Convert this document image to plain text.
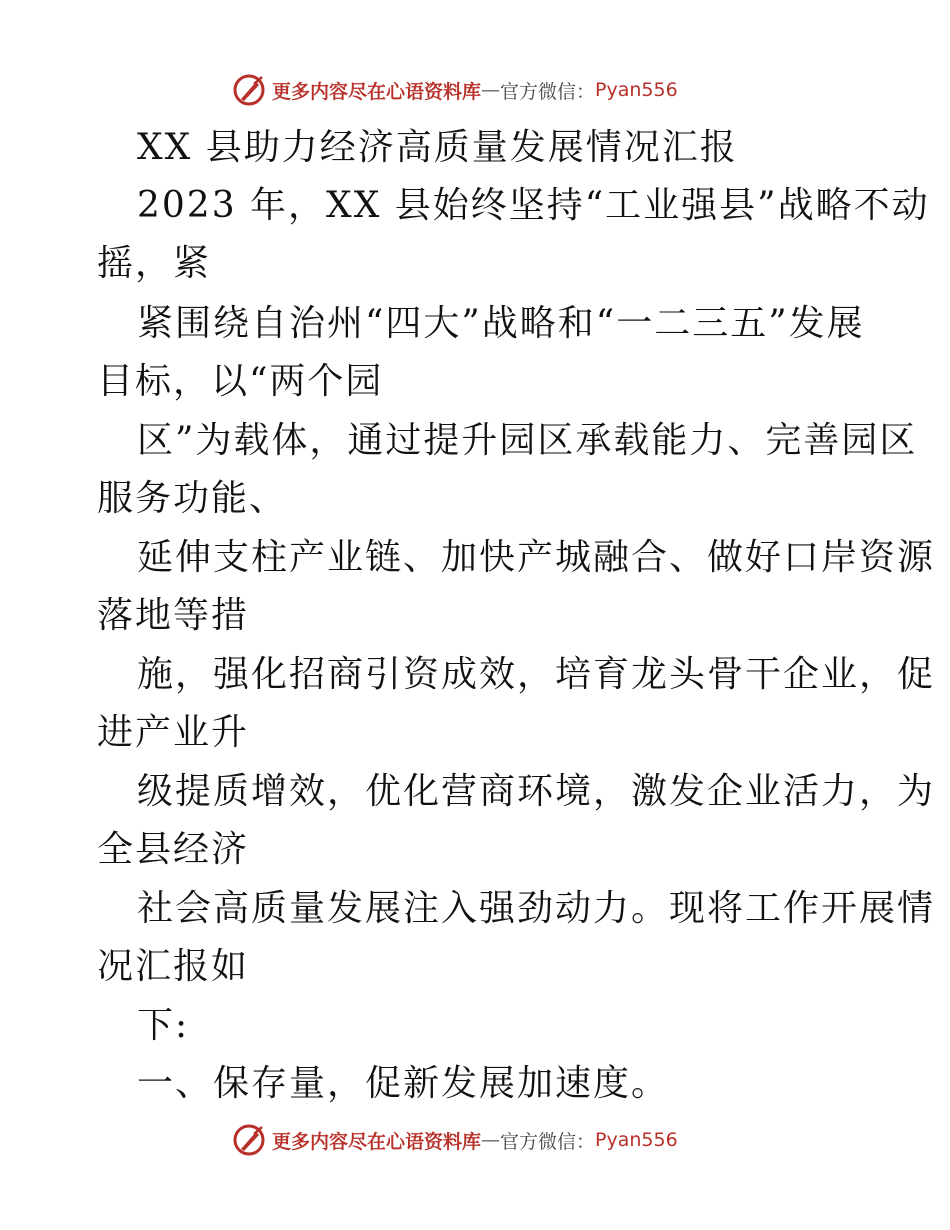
更多内容尽在心语资料库 — 官方微信： Pyan556
XX 县助力经济高质量发展情况汇报
2023 年，XX 县始终坚持“工业强县”战略不动
摇，紧
紧围绕自治州“四大”战略和“一二三五”发展
目标，以“两个园
区”为载体，通过提升园区承载能力、完善园区
服务功能、
延伸支柱产业链、加快产城融合、做好口岸资源
落地等措
施，强化招商引资成效，培育龙头骨干企业，促
进产业升
级提质增效，优化营商环境，激发企业活力，为
全县经济
社会高质量发展注入强劲动力。现将工作开展情
况汇报如
下:
一、保存量，促新发展加速度。
更多内容尽在心语资料库 — 官方微信： Pyan556
